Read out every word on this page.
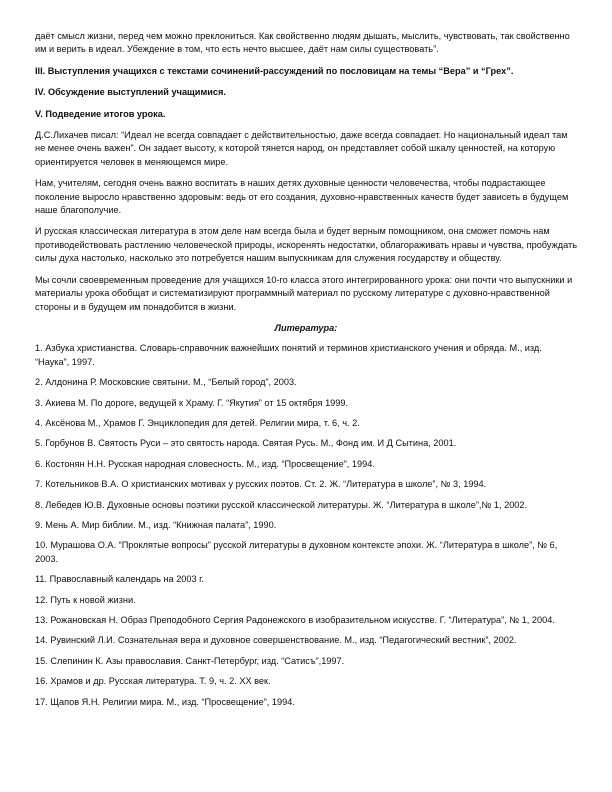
даёт смысл жизни, перед чем можно преклониться. Как свойственно людям дышать, мыслить, чувствовать, так свойственно им и верить в идеал. Убеждение в том, что есть нечто высшее, даёт нам силы существовать”.

III. Выступления учащихся с текстами сочинений-рассуждений по пословицам на темы “Вера” и “Грех”.

IV. Обсуждение выступлений учащимися.

V. Подведение итогов урока.

Д.С.Лихачев писал: “Идеал не всегда совпадает с действительностью, даже всегда совпадает. Но национальный идеал там не менее очень важен”. Он задает высоту, к которой тянется народ, он представляет собой шкалу ценностей, на которую ориентируется человек в меняющемся мире.

Нам, учителям, сегодня очень важно воспитать в наших детях духовные ценности человечества, чтобы подрастающее поколение выросло нравственно здоровым: ведь от его создания, духовно-нравственных качеств будет зависеть в будущем наше благополучие.

И русская классическая литература в этом деле нам всегда была и будет верным помощником, она сможет помочь нам противодействовать растлению человеческой природы, искоренять недостатки, облагораживать нравы и чувства, пробуждать силы духа настолько, насколько это потребуется нашим выпускникам для служения государству и обществу.

Мы сочли своевременным проведение для учащихся 10-го класса этого интегрированного урока: они почти что выпускники и материалы урока обобщат и систематизируют программный материал по русскому литературе с духовно-нравственной стороны и в будущем им понадобится в жизни.

Литература:

1. Азбука христианства. Словарь-справочник важнейших понятий и терминов христианского учения и обряда. М., изд. “Наука”, 1997.

2. Алдонина Р. Московские святыни. М., “Белый город”, 2003.

3. Акиева М. По дороге, ведущей к Храму. Г. “Якутия” от 15 октября 1999.

4. Аксёнова М., Храмов Г. Энциклопедия для детей. Религии мира, т. 6, ч. 2.

5. Горбунов В. Святость Руси – это святость народа. Святая Русь. М., Фонд им. И Д Сытина, 2001.

6. Костонян Н.Н. Русская народная словесность. М., изд. “Просвещение”, 1994.

7. Котельников В.А. О христианских мотивах у русских поэтов. Ст. 2. Ж. “Литература в школе”, № 3, 1994.

8. Лебедев Ю.В. Духовные основы поэтики русской классической литературы. Ж. “Литература в школе”,№ 1, 2002.

9. Мень А. Мир библии. М., изд. “Книжная палата”, 1990.

10. Мурашова О.А. “Проклятые вопросы” русской литературы в духовном контексте эпохи. Ж. “Литература в школе”, № 6, 2003.

11. Православный календарь на 2003 г.

12. Путь к новой жизни.

13. Рожановская Н. Образ Преподобного Сергия Радонежского в изобразительном искусстве. Г. “Литература”, № 1, 2004.

14. Рувинский Л.И. Сознательная вера и духовное совершенствование. М., изд. “Педагогический вестник”, 2002.

15. Слепинин К. Азы православия. Санкт-Петербург, изд. “Сатисъ”,1997.

16. Храмов и др. Русская литература. Т. 9, ч. 2. XX век.

17. Щапов Я.Н. Религии мира. М., изд. “Просвещение”, 1994.
